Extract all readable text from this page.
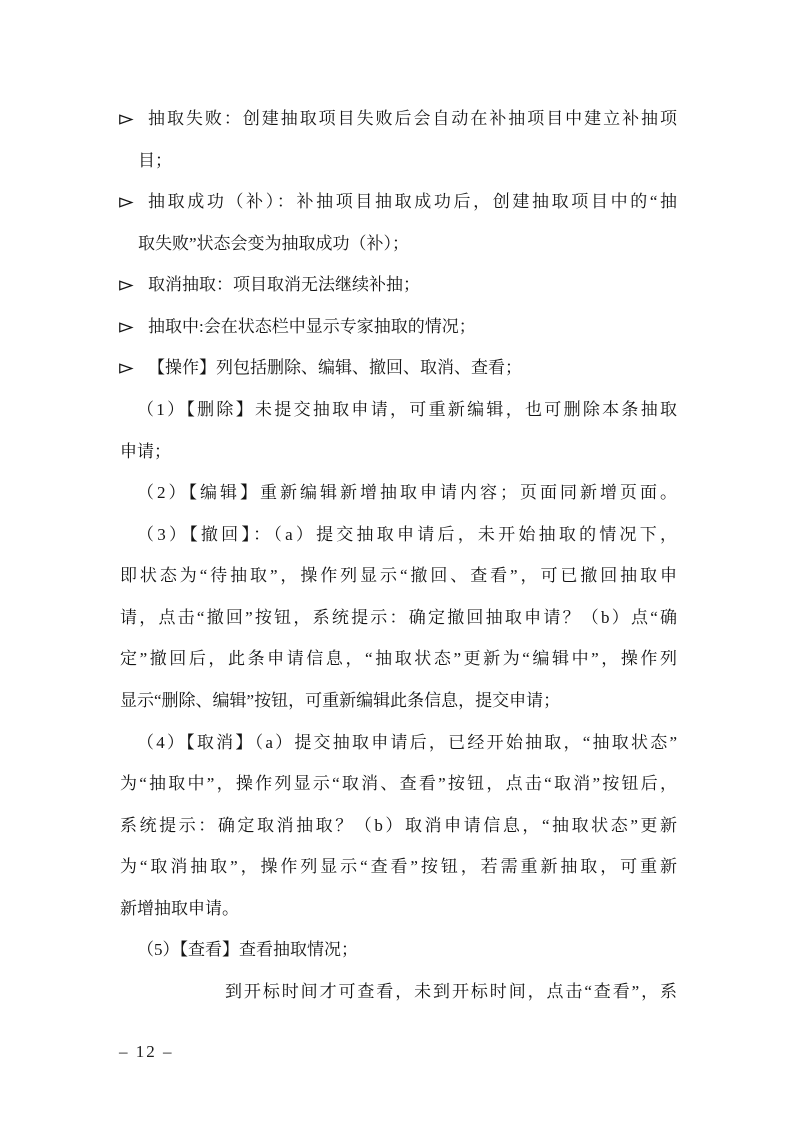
– 12 –
抽取失败：创建抽取项目失败后会自动在补抽项目中建立补抽项
目；
抽取成功（补）：补抽项目抽取成功后，创建抽取项目中的“抽
取失败”状态会变为抽取成功（补）；
取消抽取：项目取消无法继续补抽；
抽取中:会在状态栏中显示专家抽取的情况；
【操作】列包括删除、编辑、撤回、取消、查看；
（1）【删除】未提交抽取申请，可重新编辑，也可删除本条抽取
申请；
（2）【编辑】重新编辑新增抽取申请内容；页面同新增页面。
（3）【撤回】：（a）提交抽取申请后，未开始抽取的情况下，
即状态为“待抽取”，操作列显示“撤回、查看”，可已撤回抽取申
请，点击“撤回”按钮，系统提示：确定撤回抽取申请？（b）点“确
定”撤回后，此条申请信息，“抽取状态”更新为“编辑中”，操作列
显示“删除、编辑”按钮，可重新编辑此条信息，提交申请；
（4）【取消】（a）提交抽取申请后，已经开始抽取，“抽取状态”
为“抽取中”，操作列显示“取消、查看”按钮，点击“取消”按钮后，
系统提示：确定取消抽取？（b）取消申请信息，“抽取状态”更新
为“取消抽取”，操作列显示“查看”按钮，若需重新抽取，可重新
新增抽取申请。
（5）【查看】查看抽取情况；
到开标时间才可查看，未到开标时间，点击“查看”，系
